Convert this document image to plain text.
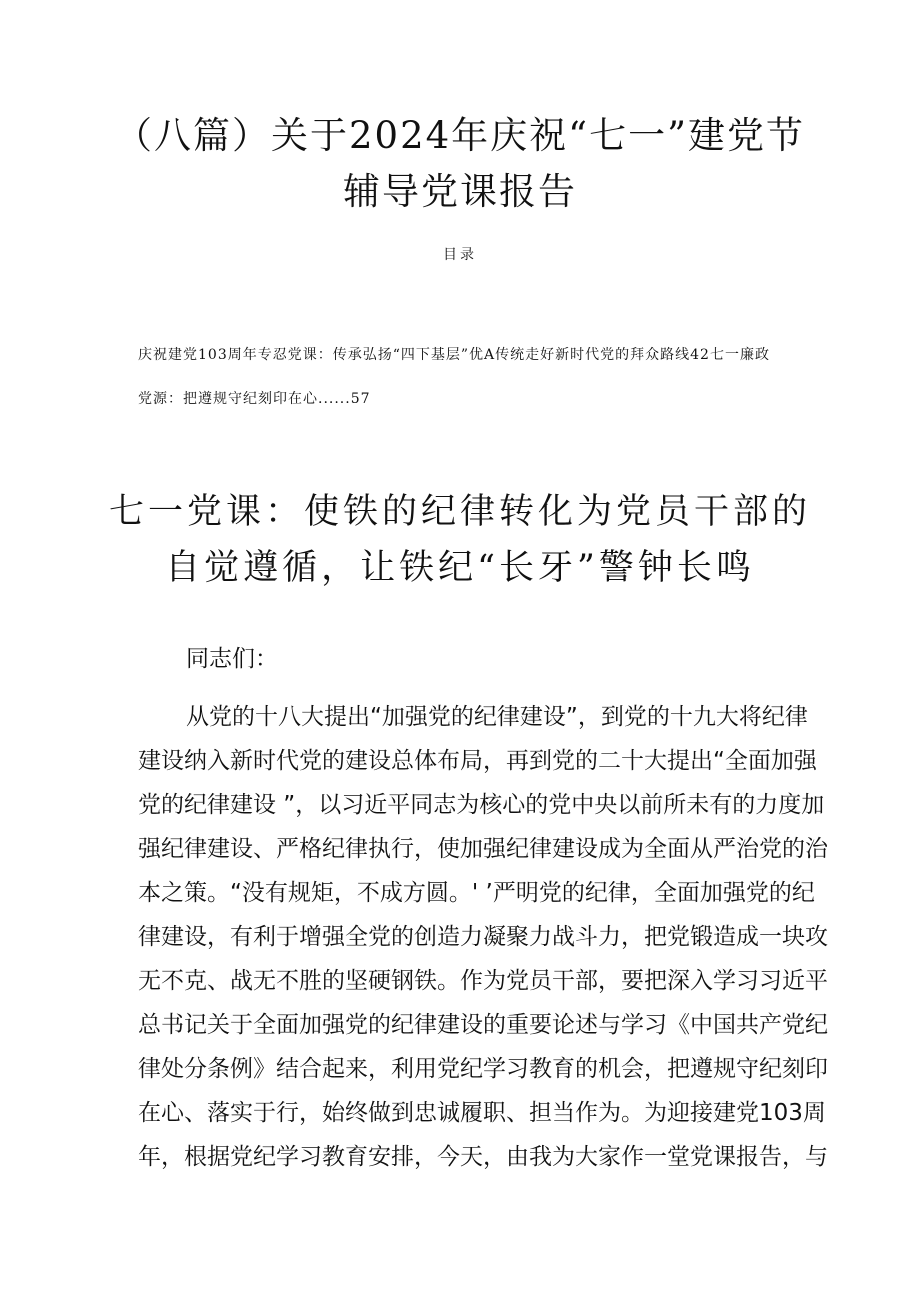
（八篇）关于2024年庆祝“七一”建党节
辅导党课报告
目录
庆祝建党103周年专忍党课：传承弘扬“四下基层”优A传统走好新时代党的拜众路线42七一廉政
党源：把遵规守纪刻印在心......57
七一党课：使铁的纪律转化为党员干部的
自觉遵循，让铁纪“长牙”警钟长鸣
同志们：
从党的十八大提出“加强党的纪律建设”，到党的十九大将纪律
建设纳入新时代党的建设总体布局，再到党的二十大提出“全面加强
党的纪律建设 ”，以习近平同志为核心的党中央以前所未有的力度加
强纪律建设、严格纪律执行，使加强纪律建设成为全面从严治党的治
本之策。“没有规矩，不成方圆。' ’严明党的纪律，全面加强党的纪
律建设，有利于增强全党的创造力凝聚力战斗力，把党锻造成一块攻
无不克、战无不胜的坚硬钢铁。作为党员干部，要把深入学习习近平
总书记关于全面加强党的纪律建设的重要论述与学习《中国共产党纪
律处分条例》结合起来，利用党纪学习教育的机会，把遵规守纪刻印
在心、落实于行，始终做到忠诚履职、担当作为。为迎接建党103周
年，根据党纪学习教育安排，今天，由我为大家作一堂党课报告，与
